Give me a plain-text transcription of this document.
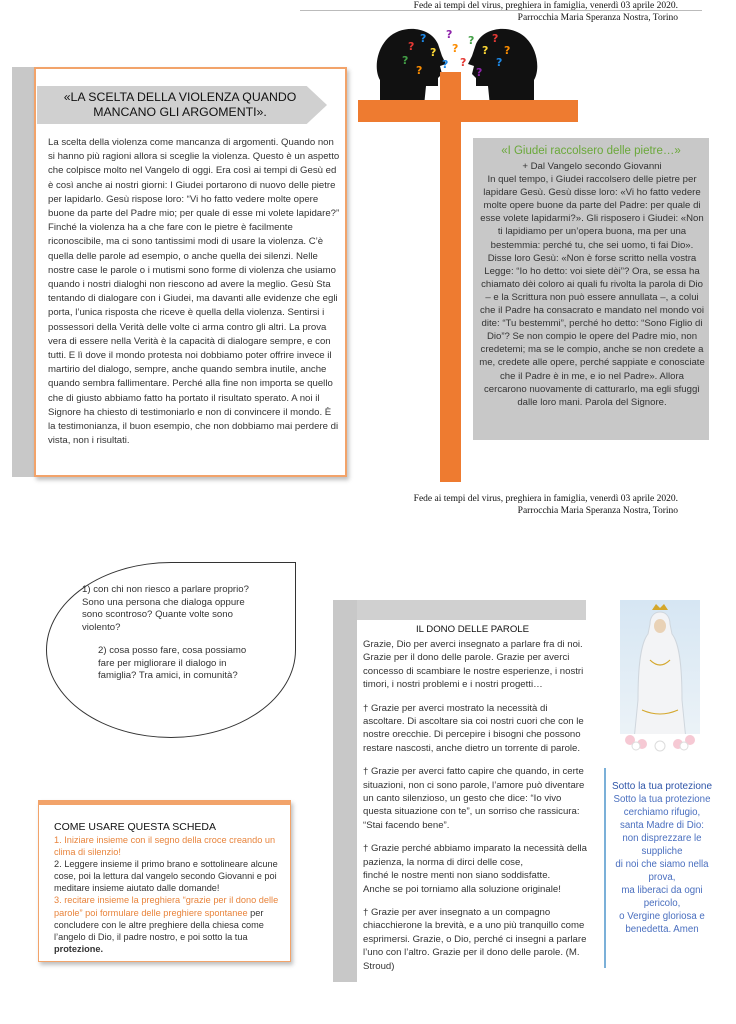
Fede ai tempi del virus, preghiera in famiglia, venerdì 03 aprile 2020.
Parrocchia Maria Speranza Nostra, Torino
?
?
?
?
?
?
? ?
?
?
?
?
?
?	?
«LA SCELTA DELLA VIOLENZA QUANDO MANCANO GLI ARGOMENTI».
La scelta della violenza come mancanza di argomenti. Quando non si hanno più ragioni allora si sceglie la violenza. Questo è un aspetto che colpisce molto nel Vangelo di oggi. Era così ai tempi di Gesù ed è così anche ai nostri giorni: I Giudei portarono di nuovo delle pietre per lapidarlo. Gesù rispose loro: “Vi ho fatto vedere molte opere buone da parte del Padre mio; per quale di esse mi volete lapidare?” Finché la violenza ha a che fare con le pietre è facilmente riconoscibile, ma ci sono tantissimi modi di usare la violenza. C’è quella delle parole ad esempio, o anche quella dei silenzi. Nelle nostre case le parole o i mutismi sono forme di violenza che usiamo quando i nostri dialoghi non riescono ad avere la meglio. Gesù Sta tentando di dialogare con i Giudei, ma davanti alle evidenze che egli porta, l’unica risposta che riceve è quella della violenza. Sentirsi i possessori della Verità delle volte ci arma contro gli altri. La prova vera di essere nella Verità è la capacità di dialogare sempre, e con tutti. E lì dove il mondo protesta noi dobbiamo poter offrire invece il martirio del dialogo, sempre, anche quando sembra inutile, anche quando sembra fallimentare. Perché alla fine non importa se quello che di giusto abbiamo fatto ha portato il risultato sperato. A noi il Signore ha chiesto di testimoniarlo e non di convincere il mondo. È la testimonianza, il buon esempio, che non dobbiamo mai perdere di vista, non i risultati.
«I Giudei raccolsero delle pietre…»
+ Dal Vangelo secondo Giovanni
In quel tempo, i Giudei raccolsero delle pietre per lapidare Gesù. Gesù disse loro: «Vi ho fatto vedere molte opere buone da parte del Padre: per quale di esse volete lapidarmi?». Gli risposero i Giudei: «Non ti lapidiamo per un’opera buona, ma per una bestemmia: perché tu, che sei uomo, ti fai Dio». Disse loro Gesù: «Non è forse scritto nella vostra Legge: “Io ho detto: voi siete dèi”? Ora, se essa ha chiamato dèi coloro ai quali fu rivolta la parola di Dio – e la Scrittura non può essere annullata –, a colui che il Padre ha consacrato e mandato nel mondo voi dite: “Tu bestemmi”, perché ho detto: “Sono Figlio di Dio”? Se non compio le opere del Padre mio, non credetemi; ma se le compio, anche se non credete a me, credete alle opere, perché sappiate e conosciate che il Padre è in me, e io nel Padre». Allora cercarono nuovamente di catturarlo, ma egli sfuggì dalle loro mani. Parola del Signore.
Fede ai tempi del virus, preghiera in famiglia, venerdì 03 aprile 2020.
Parrocchia Maria Speranza Nostra, Torino
1) con chi non riesco a parlare proprio? Sono una persona che dialoga oppure sono scontroso? Quante volte sono violento?
2) cosa posso fare, cosa possiamo fare per migliorare il dialogo in famiglia? Tra amici, in comunità?
COME USARE QUESTA SCHEDA
1. Iniziare insieme con il segno della croce creando un clima di silenzio!
2. Leggere insieme il primo brano e sottolineare alcune cose, poi la lettura dal vangelo secondo Giovanni e poi meditare insieme aiutato dalle domande!
3. recitare insieme la preghiera “grazie per il dono delle parole” poi formulare delle preghiere spontanee per concludere con le altre preghiere della chiesa come l’angelo di Dio, il padre nostro, e poi sotto la tua protezione.
IL DONO DELLE PAROLE

Grazie, Dio per averci insegnato a parlare fra di noi. Grazie per il dono delle parole. Grazie per averci concesso di scambiare le nostre esperienze, i nostri timori, i nostri problemi e i nostri progetti…

† Grazie per averci mostrato la necessità di ascoltare. Di ascoltare sia coi nostri cuori che con le nostre orecchie. Di percepire i bisogni che possono restare nascosti, anche dietro un torrente di parole.

† Grazie per averci fatto capire che quando, in certe situazioni, non ci sono parole, l’amore può diventare un canto silenzioso, un gesto che dice: “Io vivo questa situazione con te”, un sorriso che rassicura: “Stai facendo bene”.

† Grazie perché abbiamo imparato la necessità della pazienza, la norma di dirci delle cose,
finché le nostre menti non siano soddisfatte.
Anche se poi torniamo alla soluzione originale!

† Grazie per aver insegnato a un compagno chiacchierone la brevità, e a uno più tranquillo come esprimersi. Grazie, o Dio, perché ci insegni a parlare l’uno con l’altro. Grazie per il dono delle parole. (M. Stroud)

Sotto la tua protezione
Sotto la tua protezione
cerchiamo rifugio,
santa Madre di Dio:
non disprezzare le
suppliche
di noi che siamo nella
prova,
ma liberaci da ogni
pericolo,
o Vergine gloriosa e
benedetta. Amen
